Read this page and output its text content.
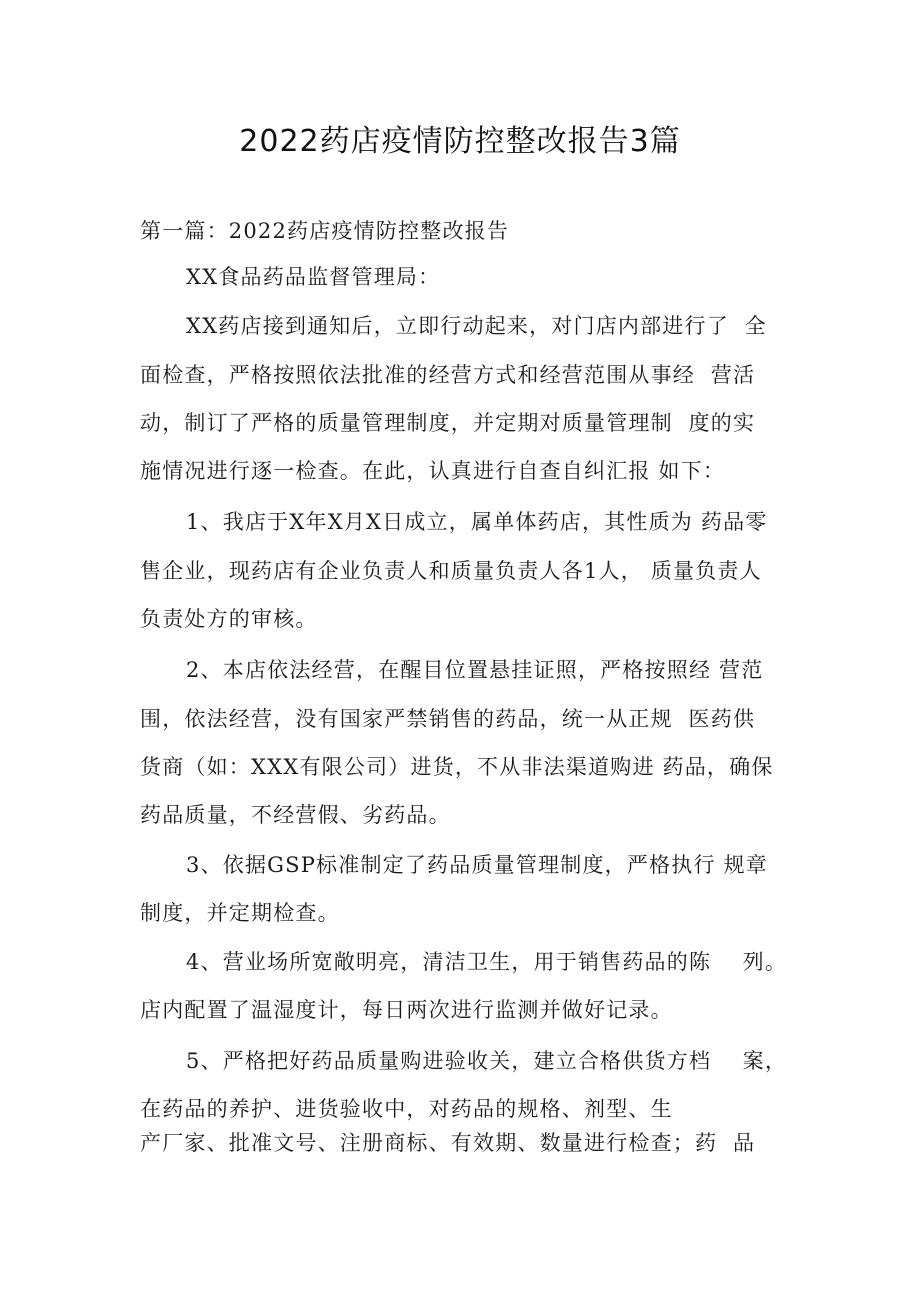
2022药店疫情防控整改报告3篇
第一篇：2022药店疫情防控整改报告
XX食品药品监督管理局：
XX药店接到通知后，立即行动起来，对门店内部进行了  全
面检查，严格按照依法批准的经营方式和经营范围从事经  营活
动，制订了严格的质量管理制度，并定期对质量管理制  度的实
施情况进行逐一检查。在此，认真进行自查自纠汇报 如下：
1、我店于X年X月X日成立，属单体药店，其性质为 药品零
售企业，现药店有企业负责人和质量负责人各1人， 质量负责人
负责处方的审核。
2、本店依法经营，在醒目位置悬挂证照，严格按照经 营范
围，依法经营，没有国家严禁销售的药品，统一从正规  医药供
货商（如：XXX有限公司）进货，不从非法渠道购进 药品，确保
药品质量，不经营假、劣药品。
3、依据GSP标准制定了药品质量管理制度，严格执行 规章
制度，并定期检查。
4、营业场所宽敞明亮，清洁卫生，用于销售药品的陈    列。
店内配置了温湿度计，每日两次进行监测并做好记录。
5、严格把好药品质量购进验收关，建立合格供货方档    案，
在药品的养护、进货验收中，对药品的规格、剂型、生
产厂家、批准文号、注册商标、有效期、数量进行检查；药  品
